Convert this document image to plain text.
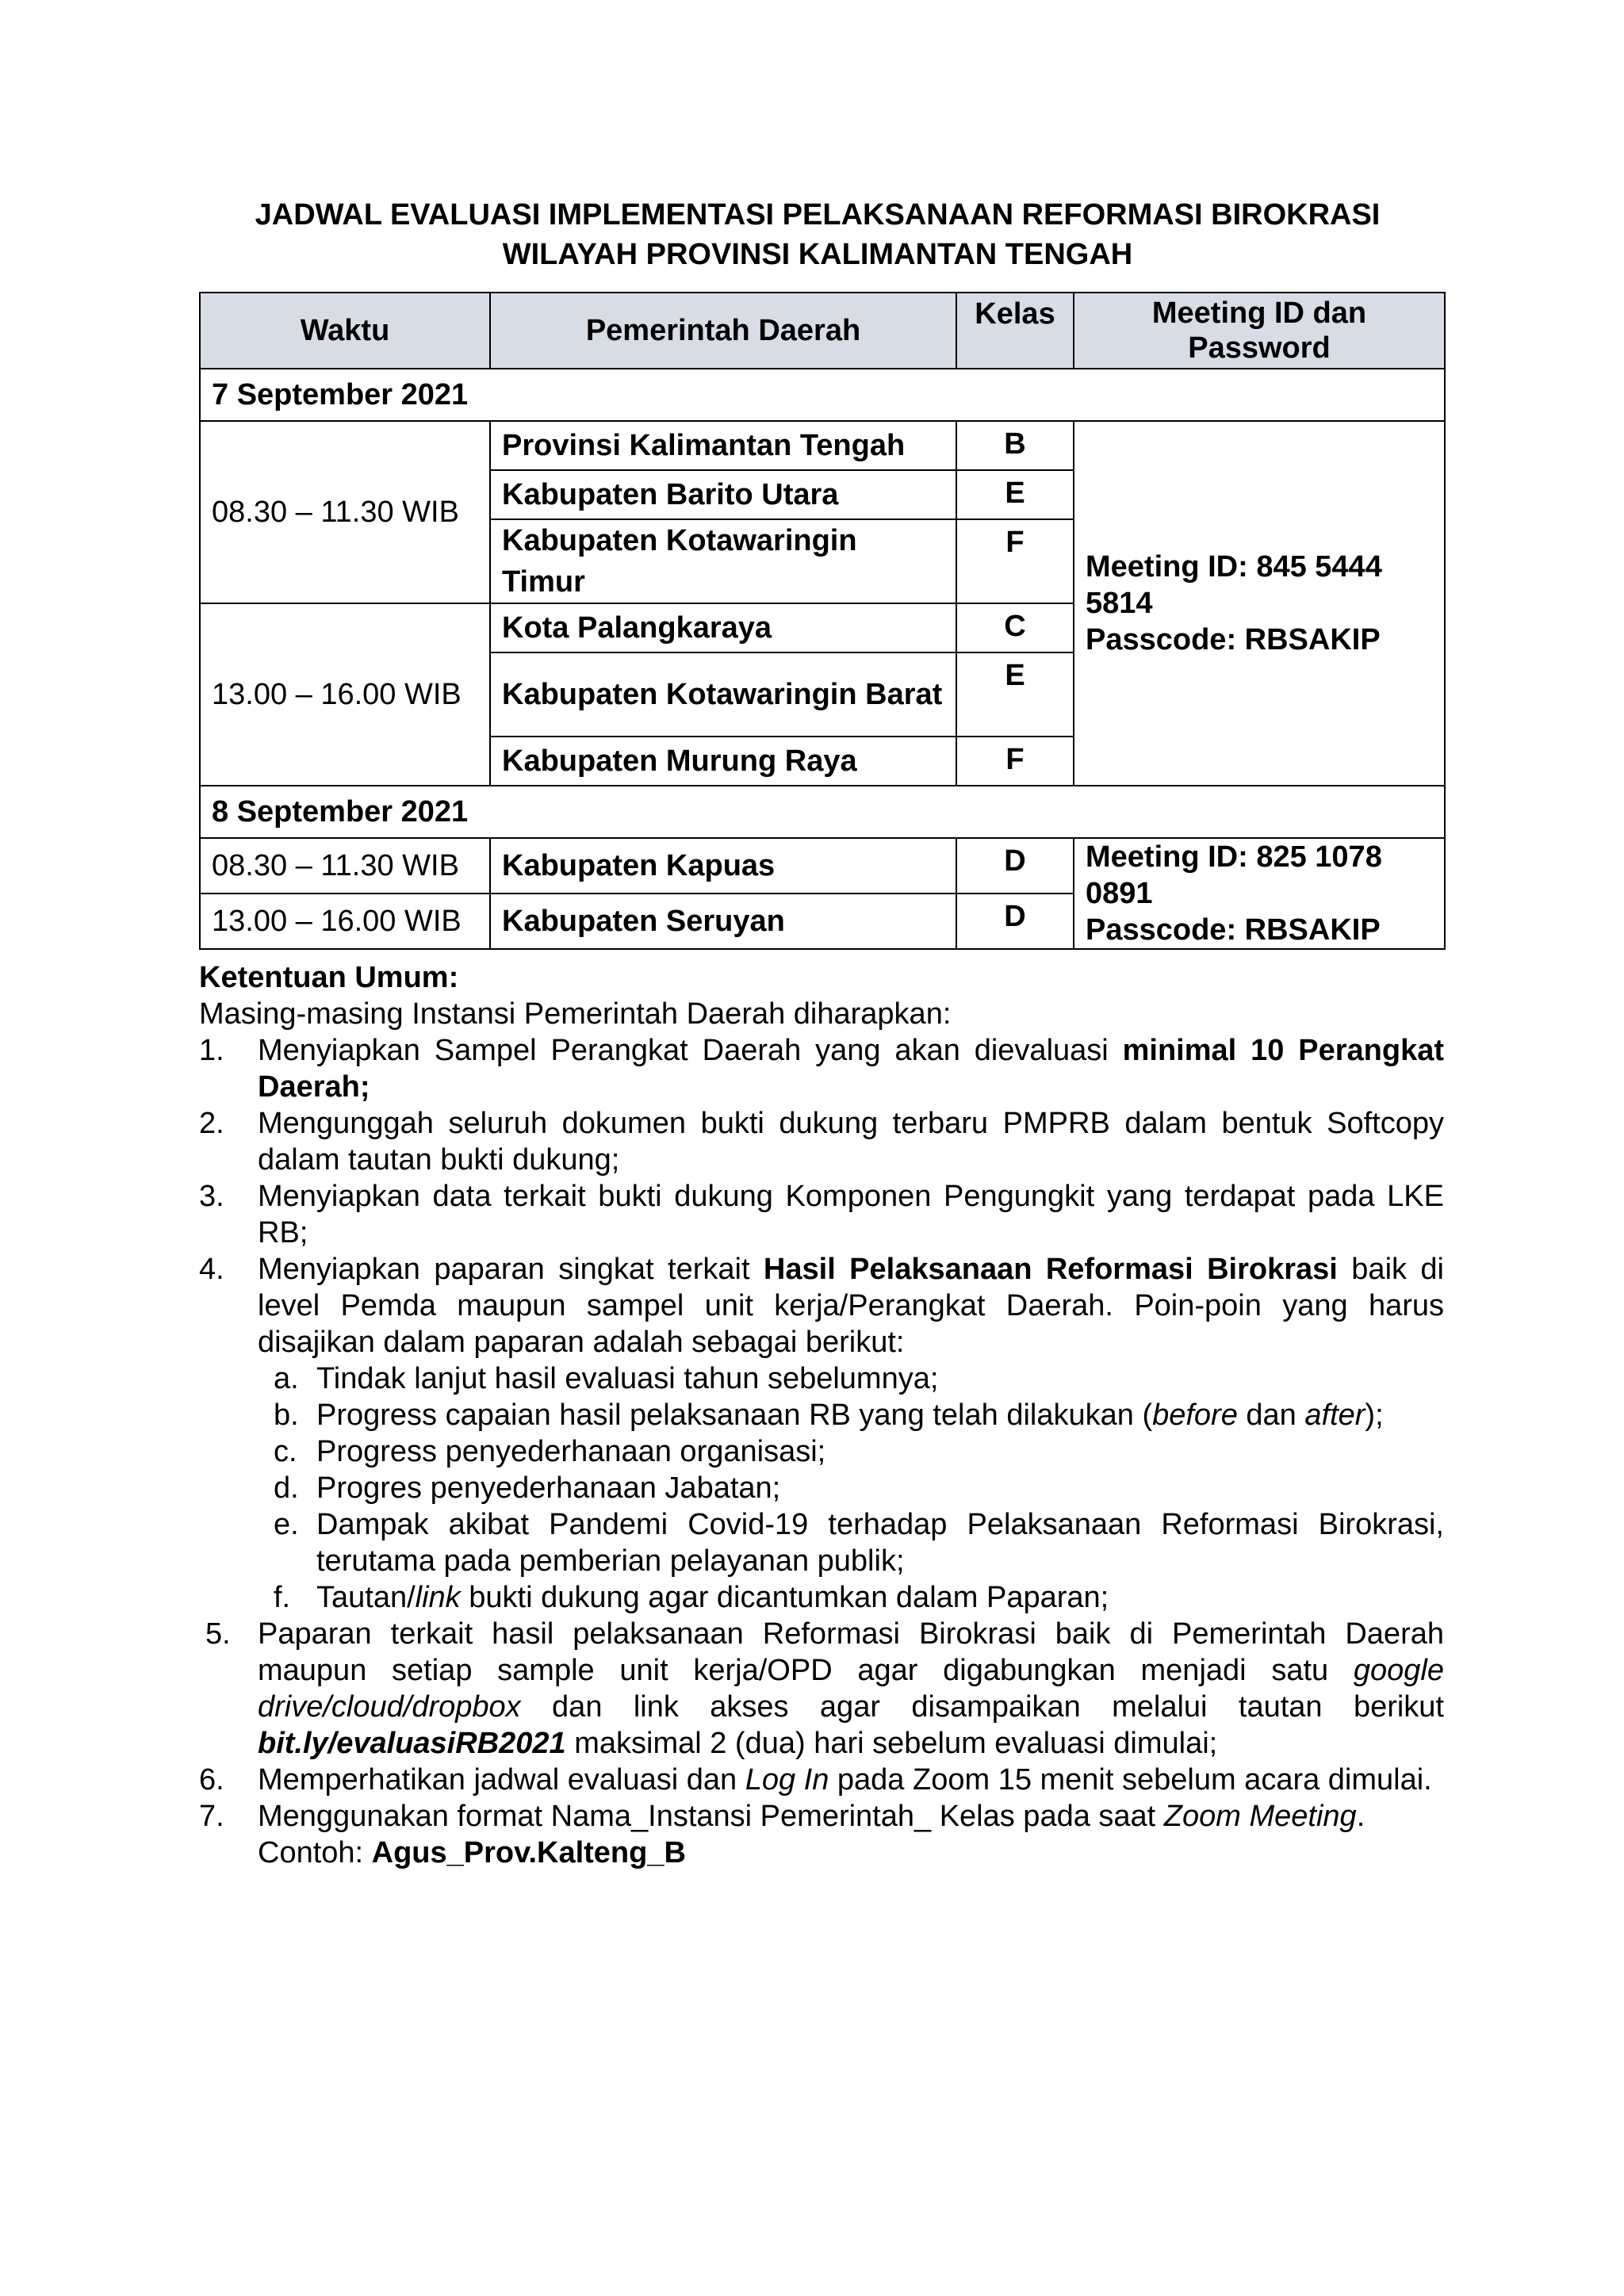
JADWAL EVALUASI IMPLEMENTASI PELAKSANAAN REFORMASI BIROKRASI
WILAYAH PROVINSI KALIMANTAN TENGAH
Waktu	Pemerintah Daerah	Kelas	Meeting ID dan
Password
7 September 2021			
08.30 – 11.30 WIB	Provinsi Kalimantan Tengah	B	Meeting ID: 845 5444 5814
Passcode: RBSAKIP

	Kabupaten Barito Utara	E	
	Kabupaten Kotawaringin Timur	F	
13.00 – 16.00 WIB	Kota Palangkaraya	C	
	Kabupaten Kotawaringin Barat	E	
	Kabupaten Murung Raya	F	
8 September 2021			
08.30 – 11.30 WIB	Kabupaten Kapuas	D	Meeting ID: 825 1078 0891
Passcode: RBSAKIP

13.00 – 16.00 WIB	Kabupaten Seruyan	D	
Ketentuan Umum:
Masing-masing Instansi Pemerintah Daerah diharapkan:
1. Menyiapkan Sampel Perangkat Daerah yang akan dievaluasi minimal 10 Perangkat Daerah;
2. Mengunggah seluruh dokumen bukti dukung terbaru PMPRB dalam bentuk Softcopy dalam tautan bukti dukung;
3. Menyiapkan data terkait bukti dukung Komponen Pengungkit yang terdapat pada LKE RB;
4. Menyiapkan paparan singkat terkait Hasil Pelaksanaan Reformasi Birokrasi baik di level Pemda maupun sampel unit kerja/Perangkat Daerah. Poin-poin yang harus disajikan dalam paparan adalah sebagai berikut:
a. Tindak lanjut hasil evaluasi tahun sebelumnya;
b. Progress capaian hasil pelaksanaan RB yang telah dilakukan (before dan after);
c. Progress penyederhanaan organisasi;
d. Progres penyederhanaan Jabatan;
e. Dampak akibat Pandemi Covid-19 terhadap Pelaksanaan Reformasi Birokrasi, terutama pada pemberian pelayanan publik;
f. Tautan/link bukti dukung agar dicantumkan dalam Paparan;
5. Paparan terkait hasil pelaksanaan Reformasi Birokrasi baik di Pemerintah Daerah maupun setiap sample unit kerja/OPD agar digabungkan menjadi satu google drive/cloud/dropbox dan link akses agar disampaikan melalui tautan berikut bit.ly/evaluasiRB2021 maksimal 2 (dua) hari sebelum evaluasi dimulai;
6. Memperhatikan jadwal evaluasi dan Log In pada Zoom 15 menit sebelum acara dimulai.
7. Menggunakan format Nama_Instansi Pemerintah_ Kelas pada saat Zoom Meeting.
Contoh: Agus_Prov.Kalteng_B
